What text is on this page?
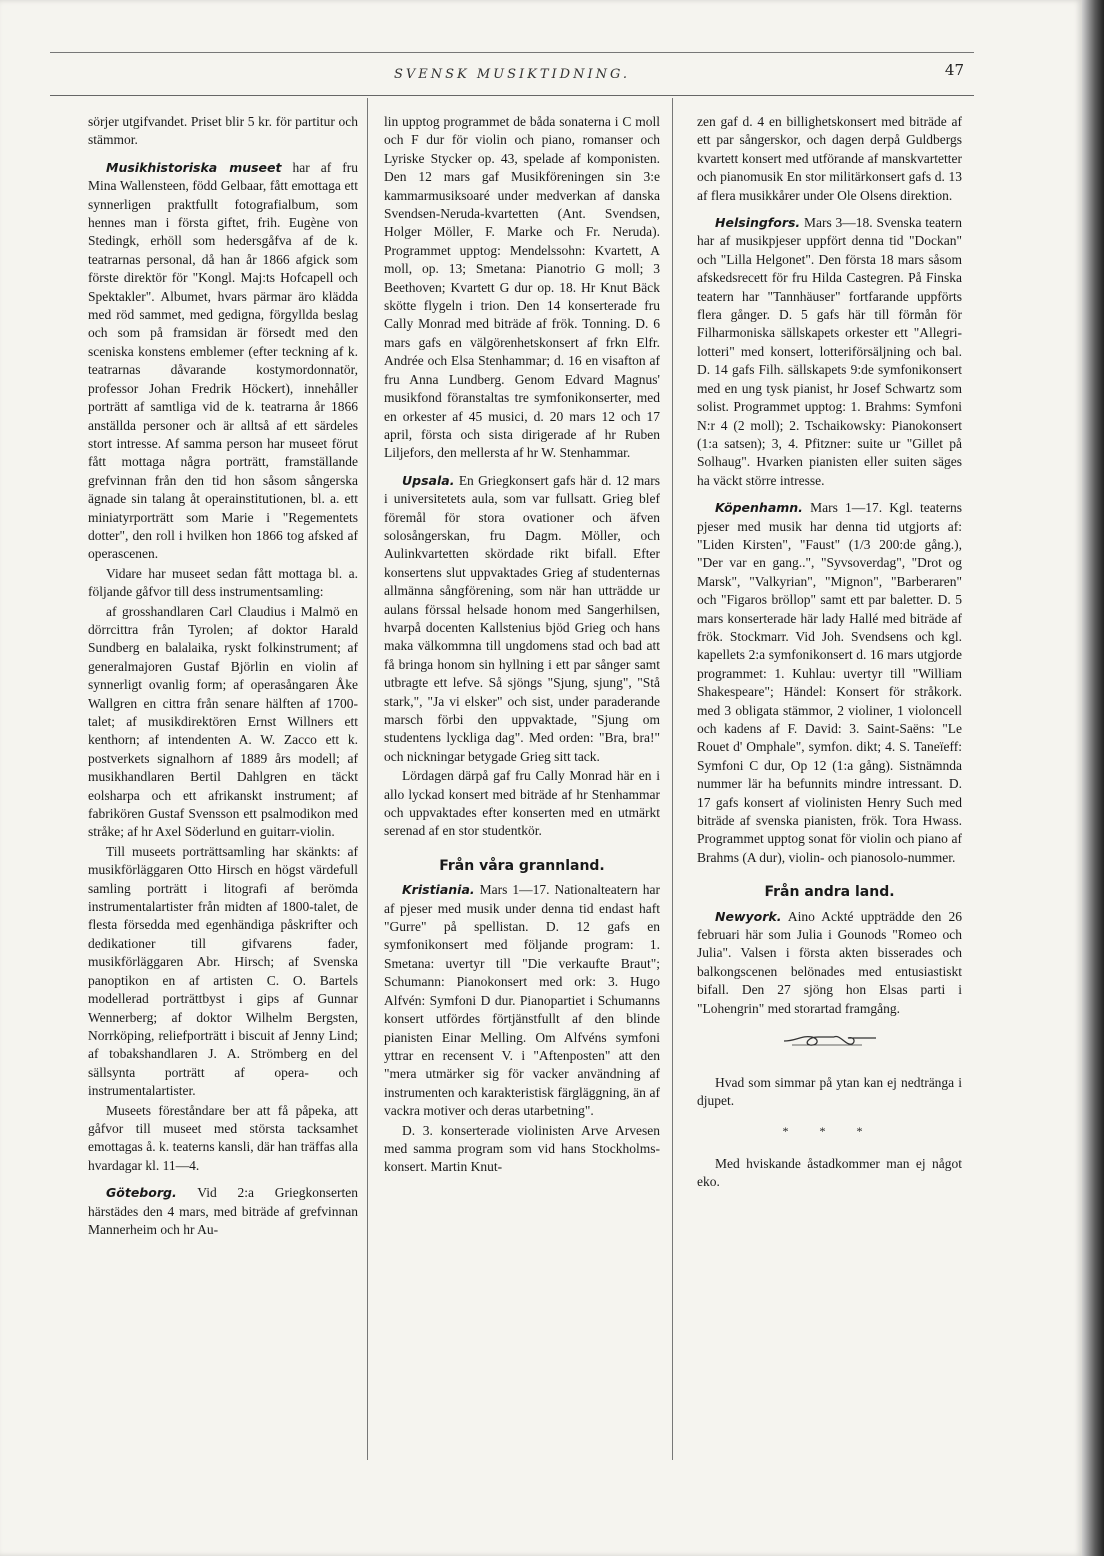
SVENSK MUSIKTIDNING.	47

sörjer utgifvandet. Priset blir 5 kr. för partitur och stämmor.

Musikhistoriska museet har af fru Mina Wallensteen, född Gelbaar, fått emottaga ett synnerligen praktfullt fotografialbum, som hennes man i första giftet, frih. Eugène von Stedingk, erhöll som hedersgåfva af de k. teatrarnas personal, då han år 1866 afgick som förste direktör för "Kongl. Maj:ts Hofcapell och Spektakler". Albumet, hvars pärmar äro klädda med röd sammet, med gedigna, förgyllda beslag och som på framsidan är försedt med den sceniska konstens emblemer (efter teckning af k. teatrarnas dåvarande kostymordonnatör, professor Johan Fredrik Höckert), innehåller porträtt af samtliga vid de k. teatrarna år 1866 anställda personer och är alltså af ett särdeles stort intresse. Af samma person har museet förut fått mottaga några porträtt, framställande grefvinnan från den tid hon såsom sångerska ägnade sin talang åt operainstitutionen, bl. a. ett miniatyrporträtt som Marie i "Regementets dotter", den roll i hvilken hon 1866 tog afsked af operascenen.

Vidare har museet sedan fått mottaga bl. a. följande gåfvor till dess instrumentsamling:

af grosshandlaren Carl Claudius i Malmö en dörrcittra från Tyrolen; af doktor Harald Sundberg en balalaika, ryskt folkinstrument; af generalmajoren Gustaf Björlin en violin af synnerligt ovanlig form; af operasångaren Åke Wallgren en cittra från senare hälften af 1700-talet; af musikdirektören Ernst Willners ett kenthorn; af intendenten A. W. Zacco ett k. postverkets signalhorn af 1889 års modell; af musikhandlaren Bertil Dahlgren en täckt eolsharpa och ett afrikanskt instrument; af fabrikören Gustaf Svensson ett psalmodikon med stråke; af hr Axel Söderlund en guitarr-violin.

Till museets porträttsamling har skänkts: af musikförläggaren Otto Hirsch en högst värdefull samling porträtt i litografi af berömda instrumentalartister från midten af 1800-talet, de flesta försedda med egenhändiga påskrifter och dedikationer till gifvarens fader, musikförläggaren Abr. Hirsch; af Svenska panoptikon en af artisten C. O. Bartels modellerad porträttbyst i gips af Gunnar Wennerberg; af doktor Wilhelm Bergsten, Norrköping, reliefporträtt i biscuit af Jenny Lind; af tobakshandlaren J. A. Strömberg en del sällsynta porträtt af opera- och instrumentalartister.

Museets föreståndare ber att få påpeka, att gåfvor till museet med största tacksamhet emottagas å. k. teaterns kansli, där han träffas alla hvardagar kl. 11—4.

Göteborg. Vid 2:a Griegkonserten härstädes den 4 mars, med biträde af grefvinnan Mannerheim och hr Au-

lin upptog programmet de båda sonaterna i C moll och F dur för violin och piano, romanser och Lyriske Stycker op. 43, spelade af komponisten. Den 12 mars gaf Musikföreningen sin 3:e kammarmusiksoaré under medverkan af danska Svendsen-Neruda-kvartetten (Ant. Svendsen, Holger Möller, F. Marke och Fr. Neruda). Programmet upptog: Mendelssohn: Kvartett, A moll, op. 13; Smetana: Pianotrio G moll; 3 Beethoven; Kvartett G dur op. 18. Hr Knut Bäck skötte flygeln i trion. Den 14 konserterade fru Cally Monrad med biträde af frök. Tonning. D. 6 mars gafs en välgörenhetskonsert af frkn Elfr. Andrée och Elsa Stenhammar; d. 16 en visafton af fru Anna Lundberg. Genom Edvard Magnus' musikfond föranstaltas tre symfonikonserter, med en orkester af 45 musici, d. 20 mars 12 och 17 april, första och sista dirigerade af hr Ruben Liljefors, den mellersta af hr W. Stenhammar.

Upsala. En Griegkonsert gafs här d. 12 mars i universitetets aula, som var fullsatt. Grieg blef föremål för stora ovationer och äfven solosångerskan, fru Dagm. Möller, och Aulinkvartetten skördade rikt bifall. Efter konsertens slut uppvaktades Grieg af studenternas allmänna sångförening, som när han utträdde ur aulans förssal helsade honom med Sangerhilsen, hvarpå docenten Kallstenius bjöd Grieg och hans maka välkommna till ungdomens stad och bad att få bringa honom sin hyllning i ett par sånger samt utbragte ett lefve. Så sjöngs "Sjung, sjung", "Stå stark,", "Ja vi elsker" och sist, under paraderande marsch förbi den uppvaktade, "Sjung om studentens lyckliga dag". Med orden: "Bra, bra!" och nickningar betygade Grieg sitt tack.

Lördagen därpå gaf fru Cally Monrad här en i allo lyckad konsert med biträde af hr Stenhammar och uppvaktades efter konserten med en utmärkt serenad af en stor studentkör.

Från våra grannland.

Kristiania. Mars 1—17. Nationalteatern har af pjeser med musik under denna tid endast haft "Gurre" på spellistan. D. 12 gafs en symfonikonsert med följande program: 1. Smetana: uvertyr till "Die verkaufte Braut"; Schumann: Pianokonsert med ork: 3. Hugo Alfvén: Symfoni D dur. Pianopartiet i Schumanns konsert utfördes förtjänstfullt af den blinde pianisten Einar Melling. Om Alfvéns symfoni yttrar en recensent V. i "Aftenposten" att den "mera utmärker sig för vacker användning af instrumenten och karakteristisk färgläggning, än af vackra motiver och deras utarbetning".

D. 3. konserterade violinisten Arve Arvesen med samma program som vid hans Stockholms-konsert. Martin Knut-

zen gaf d. 4 en billighetskonsert med biträde af ett par sångerskor, och dagen derpå Guldbergs kvartett konsert med utförande af manskvartetter och pianomusik En stor militärkonsert gafs d. 13 af flera musikkårer under Ole Olsens direktion.

Helsingfors. Mars 3—18. Svenska teatern har af musikpjeser uppfört denna tid "Dockan" och "Lilla Helgonet". Den första 18 mars såsom afskedsrecett för fru Hilda Castegren. På Finska teatern har "Tannhäuser" fortfarande uppförts flera gånger. D. 5 gafs här till förmån för Filharmoniska sällskapets orkester ett "Allegri-lotteri" med konsert, lotteriförsäljning och bal. D. 14 gafs Filh. sällskapets 9:de symfonikonsert med en ung tysk pianist, hr Josef Schwartz som solist. Programmet upptog: 1. Brahms: Symfoni N:r 4 (2 moll); 2. Tschaikowsky: Pianokonsert (1:a satsen); 3, 4. Pfitzner: suite ur "Gillet på Solhaug". Hvarken pianisten eller suiten säges ha väckt större intresse.

Köpenhamn. Mars 1—17. Kgl. teaterns pjeser med musik har denna tid utgjorts af: "Liden Kirsten", "Faust" (1/3 200:de gång.), "Der var en gang..", "Syvsoverdag", "Drot og Marsk", "Valkyrian", "Mignon", "Barberaren" och "Figaros bröllop" samt ett par baletter. D. 5 mars konserterade här lady Hallé med biträde af frök. Stockmarr. Vid Joh. Svendsens och kgl. kapellets 2:a symfonikonsert d. 16 mars utgjorde programmet: 1. Kuhlau: uvertyr till "William Shakespeare"; Händel: Konsert för stråkork. med 3 obligata stämmor, 2 violiner, 1 violoncell och kadens af F. David: 3. Saint-Saëns: "Le Rouet d' Omphale", symfon. dikt; 4. S. Taneïeff: Symfoni C dur, Op 12 (1:a gång). Sistnämnda nummer lär ha befunnits mindre intressant. D. 17 gafs konsert af violinisten Henry Such med biträde af svenska pianisten, frök. Tora Hwass. Programmet upptog sonat för violin och piano af Brahms (A dur), violin- och pianosolo-nummer.

Från andra land.

Newyork. Aino Ackté uppträdde den 26 februari här som Julia i Gounods "Romeo och Julia". Valsen i första akten bisserades och balkongscenen belönades med entusiastiskt bifall. Den 27 sjöng hon Elsas parti i "Lohengrin" med storartad framgång.

Hvad som simmar på ytan kan ej nedtränga i djupet.

* * *

Med hviskande åstadkommer man ej något eko.
